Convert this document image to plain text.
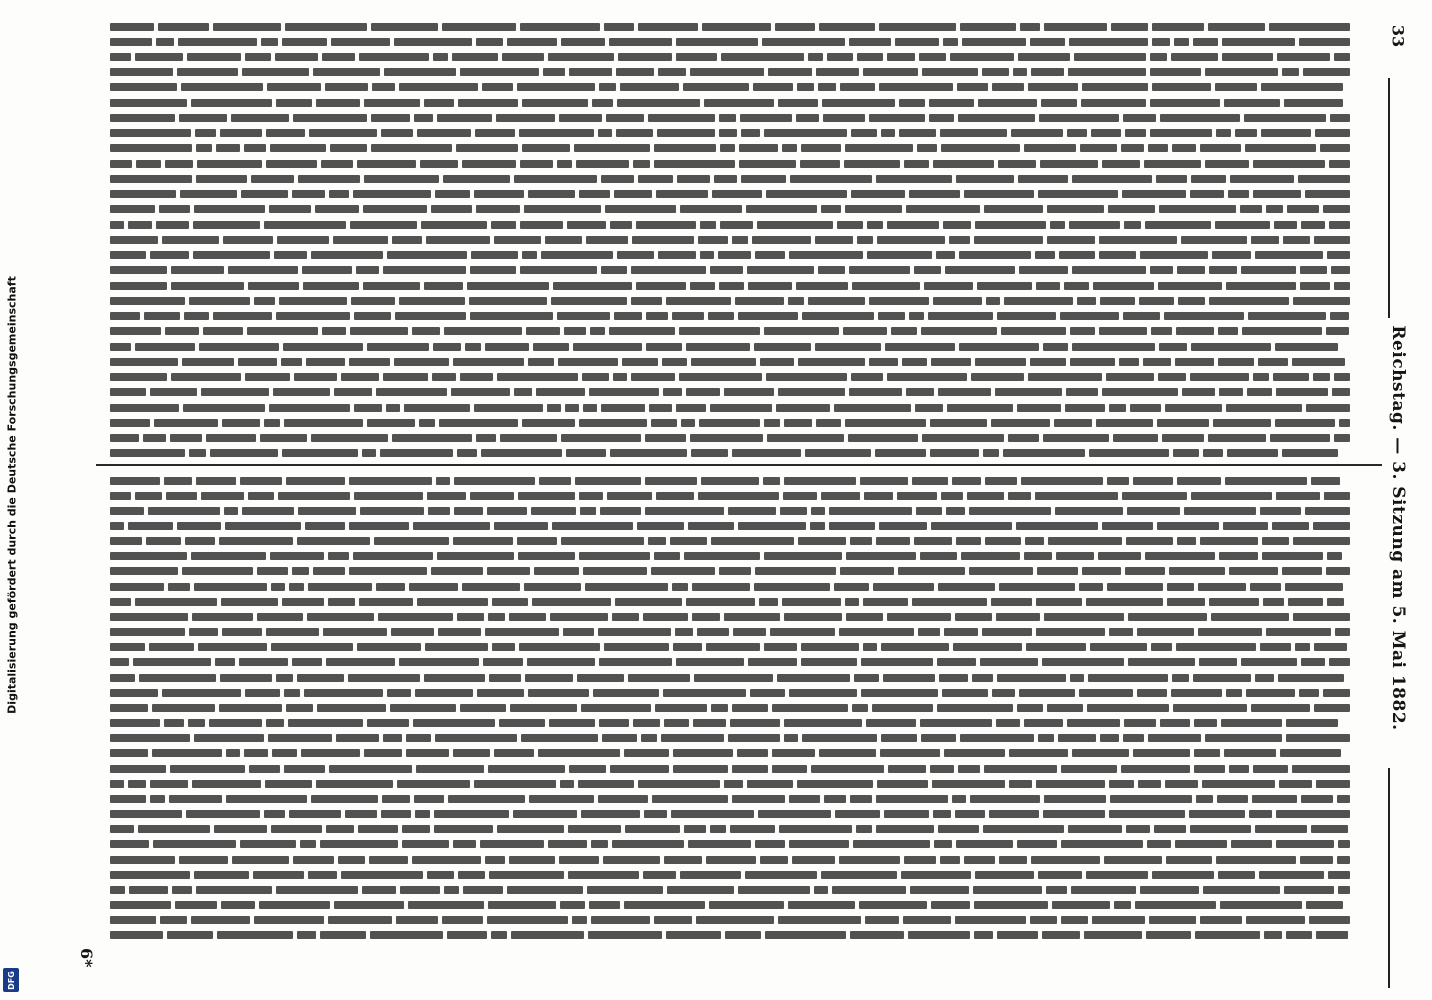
Digitalisierung gefördert durch die Deutsche Forschungsgemeinschaft
DFG
33
Reichstag. — 3. Sitzung am 5. Mai 1882.
6*
